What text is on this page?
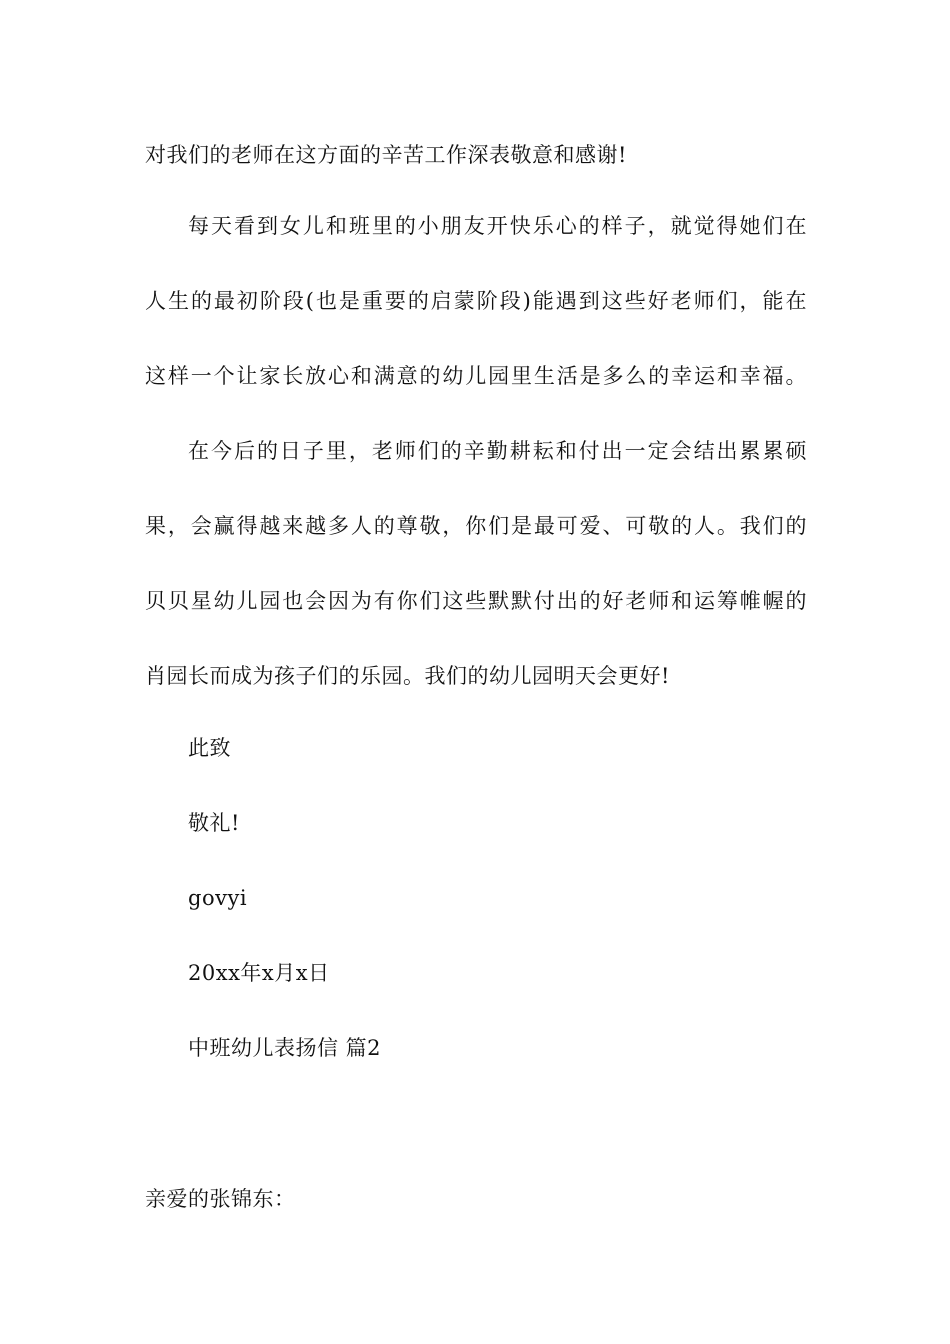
对我们的老师在这方面的辛苦工作深表敬意和感谢!
每天看到女儿和班里的小朋友开快乐心的样子，就觉得她们在
人生的最初阶段(也是重要的启蒙阶段)能遇到这些好老师们，能在
这样一个让家长放心和满意的幼儿园里生活是多么的幸运和幸福。
在今后的日子里，老师们的辛勤耕耘和付出一定会结出累累硕
果，会赢得越来越多人的尊敬，你们是最可爱、可敬的人。我们的
贝贝星幼儿园也会因为有你们这些默默付出的好老师和运筹帷幄的
肖园长而成为孩子们的乐园。我们的幼儿园明天会更好!
此致
敬礼!
govyi
20xx年x月x日
中班幼儿表扬信 篇2
亲爱的张锦东：
